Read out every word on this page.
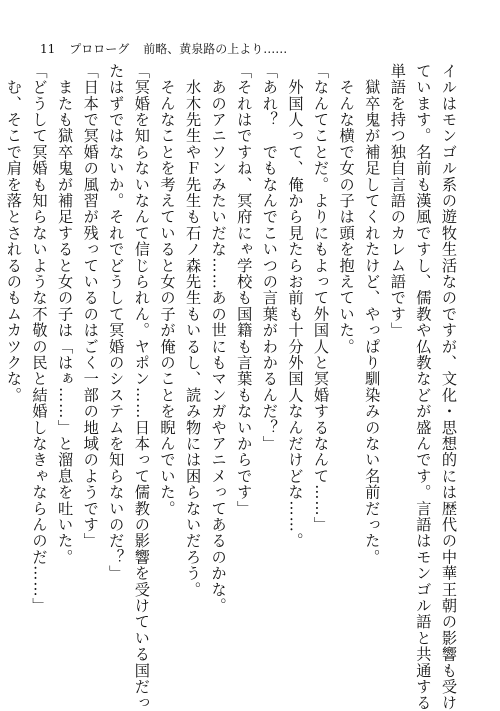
11 プロローグ 前略、黄泉路の上より……
イルはモンゴル系の遊牧生活なのですが、文化・思想的には歴代の中華王朝の影響も受け
ています。名前も漢風ですし、儒教や仏教などが盛んです。言語はモンゴル語と共通する
単語を持つ独自言語のカレム語です」
　獄卒鬼が補足してくれたけど、やっぱり馴染みのない名前だった。
　そんな横で女の子は頭を抱えていた。
「なんてことだ。よりにもよって外国人と冥婚するなんて……」
　外国人って、俺から見たらお前も十分外国人なんだけどな……。
「あれ？　でもなんでこいつの言葉がわかるんだ？」
「それはですね、冥府にゃ学校も国籍も言葉もないからです」
　あのアニソンみたいだな……あの世にもマンガやアニメってあるのかな。
　水木先生やＦ先生も石ノ森先生もいるし、読み物には困らないだろう。
　そんなことを考えていると女の子が俺のことを睨んでいた。
「冥婚を知らないなんて信じられん。ヤポン……日本って儒教の影響を受けている国だっ
たはずではないか。それでどうして冥婚のシステムを知らないのだ？」
「日本で冥婚の風習が残っているのはごく一部の地域のようです」
　またも獄卒鬼が補足すると女の子は「はぁ……」と溜息を吐いた。
「どうして冥婚も知らないような不敬の民と結婚しなきゃならんのだ……」
　む、そこで肩を落とされるのもムカツクな。
